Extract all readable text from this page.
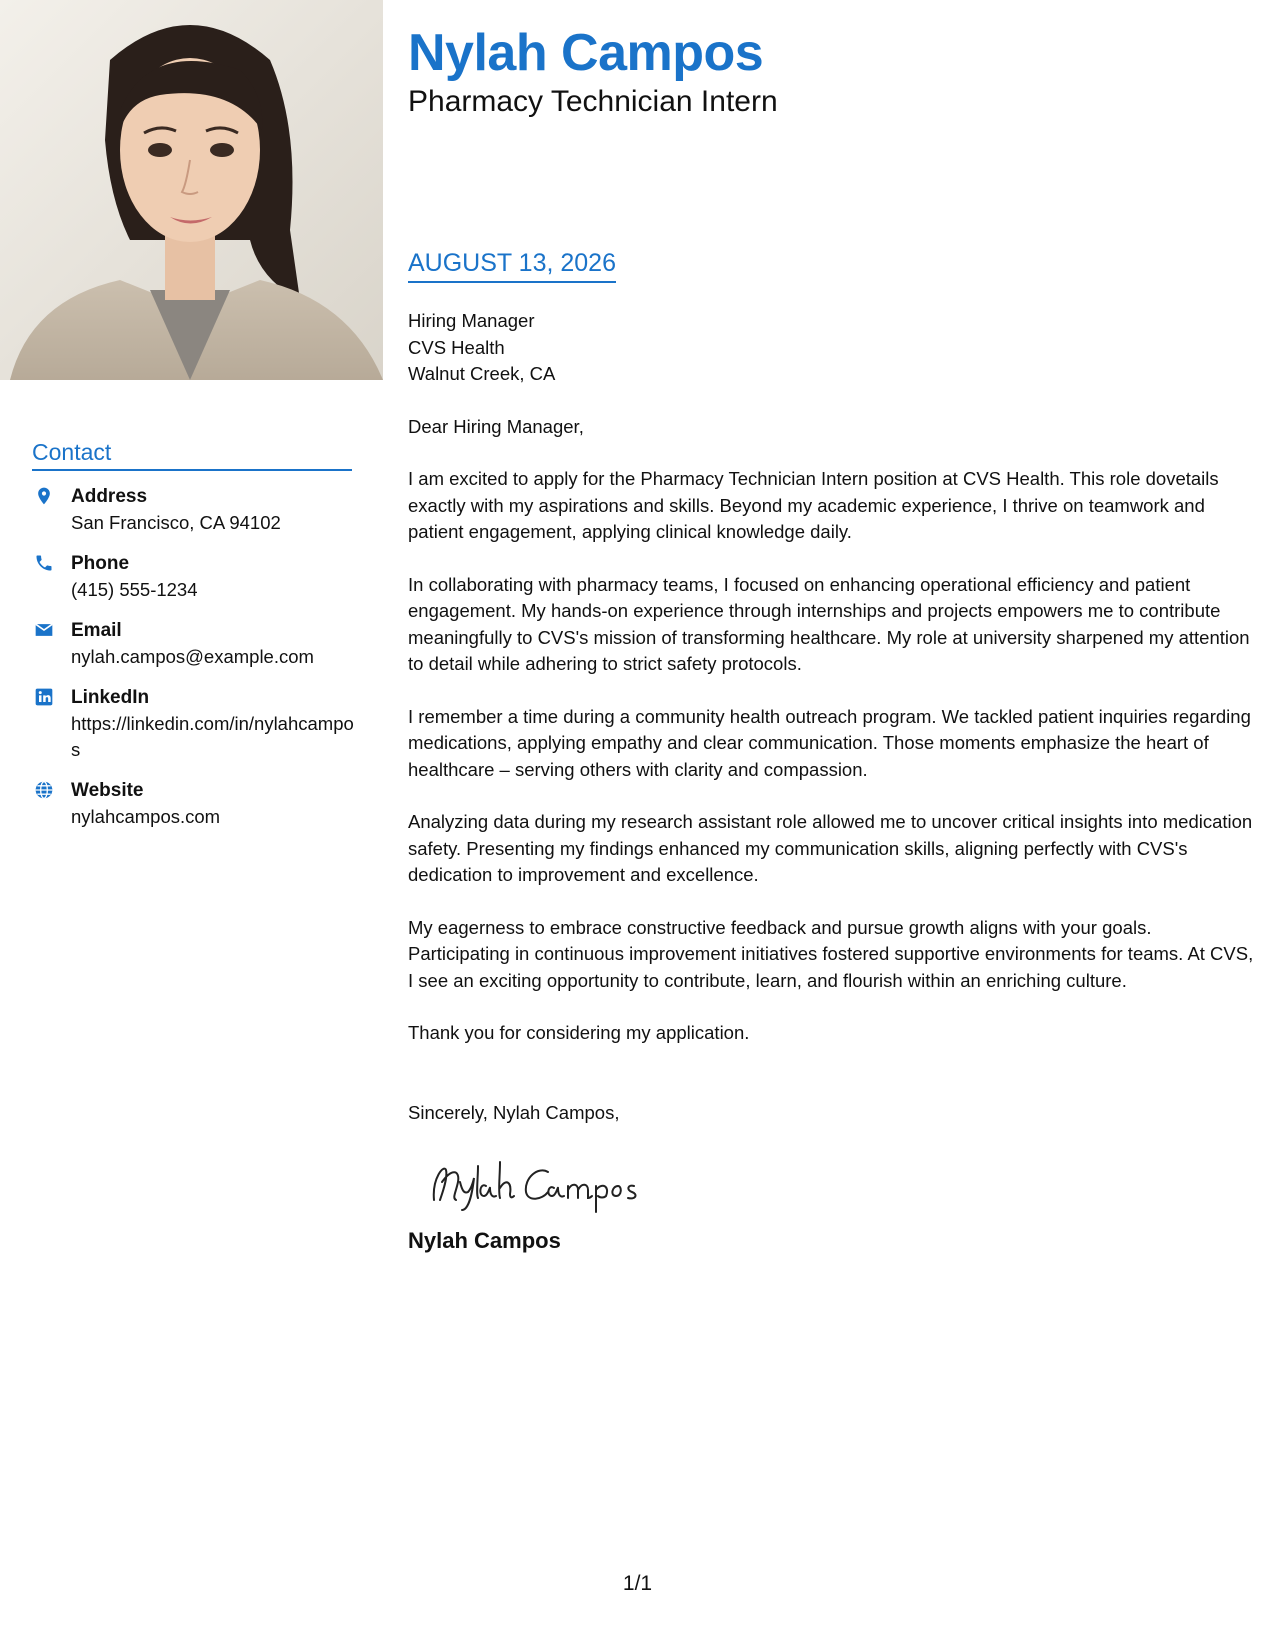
Contact
Address
San Francisco, CA 94102
Phone
(415) 555-1234
Email
nylah.campos@example.com
LinkedIn
https://linkedin.com/in/nylahcampos
Website
nylahcampos.com
Nylah Campos
Pharmacy Technician Intern
AUGUST 13, 2026
Hiring Manager
CVS Health
Walnut Creek, CA
Dear Hiring Manager,
I am excited to apply for the Pharmacy Technician Intern position at CVS Health. This role dovetails exactly with my aspirations and skills. Beyond my academic experience, I thrive on teamwork and patient engagement, applying clinical knowledge daily.
In collaborating with pharmacy teams, I focused on enhancing operational efficiency and patient engagement. My hands-on experience through internships and projects empowers me to contribute meaningfully to CVS's mission of transforming healthcare. My role at university sharpened my attention to detail while adhering to strict safety protocols.
I remember a time during a community health outreach program. We tackled patient inquiries regarding medications, applying empathy and clear communication. Those moments emphasize the heart of healthcare – serving others with clarity and compassion.
Analyzing data during my research assistant role allowed me to uncover critical insights into medication safety. Presenting my findings enhanced my communication skills, aligning perfectly with CVS's dedication to improvement and excellence.
My eagerness to embrace constructive feedback and pursue growth aligns with your goals. Participating in continuous improvement initiatives fostered supportive environments for teams. At CVS, I see an exciting opportunity to contribute, learn, and flourish within an enriching culture.
Thank you for considering my application.
Sincerely, Nylah Campos,
Nylah Campos
1/1
